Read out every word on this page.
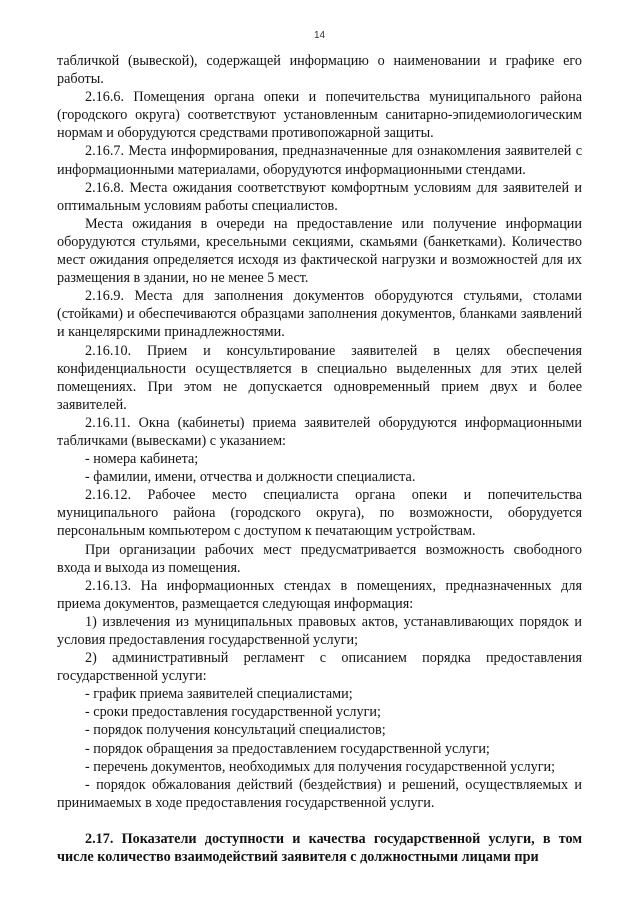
14

табличкой (вывеской), содержащей информацию о наименовании и графике его работы.

2.16.6. Помещения органа опеки и попечительства муниципального района (городского округа) соответствуют установленным санитарно-эпидемиологическим нормам и оборудуются средствами противопожарной защиты.

2.16.7. Места информирования, предназначенные для ознакомления заявителей с информационными материалами, оборудуются информационными стендами.

2.16.8. Места ожидания соответствуют комфортным условиям для заявителей и оптимальным условиям работы специалистов.

Места ожидания в очереди на предоставление или получение информации оборудуются стульями, кресельными секциями, скамьями (банкетками). Количество мест ожидания определяется исходя из фактической нагрузки и возможностей для их размещения в здании, но не менее 5 мест.

2.16.9. Места для заполнения документов оборудуются стульями, столами (стойками) и обеспечиваются образцами заполнения документов, бланками заявлений и канцелярскими принадлежностями.

2.16.10. Прием и консультирование заявителей в целях обеспечения конфиденциальности осуществляется в специально выделенных для этих целей помещениях. При этом не допускается одновременный прием двух и более заявителей.

2.16.11. Окна (кабинеты) приема заявителей оборудуются информационными табличками (вывесками) с указанием:

- номера кабинета;

- фамилии, имени, отчества и должности специалиста.

2.16.12. Рабочее место специалиста органа опеки и попечительства муниципального района (городского округа), по возможности, оборудуется персональным компьютером с доступом к печатающим устройствам.

При организации рабочих мест предусматривается возможность свободного входа и выхода из помещения.

2.16.13. На информационных стендах в помещениях, предназначенных для приема документов, размещается следующая информация:

1) извлечения из муниципальных правовых актов, устанавливающих порядок и условия предоставления государственной услуги;

2) административный регламент с описанием порядка предоставления государственной услуги:

- график приема заявителей специалистами;

- сроки предоставления государственной услуги;

- порядок получения консультаций специалистов;

- порядок обращения за предоставлением государственной услуги;

- перечень документов, необходимых для получения государственной услуги;

- порядок обжалования действий (бездействия) и решений, осуществляемых и принимаемых в ходе предоставления государственной услуги.

2.17. Показатели доступности и качества государственной услуги, в том числе количество взаимодействий заявителя с должностными лицами при
